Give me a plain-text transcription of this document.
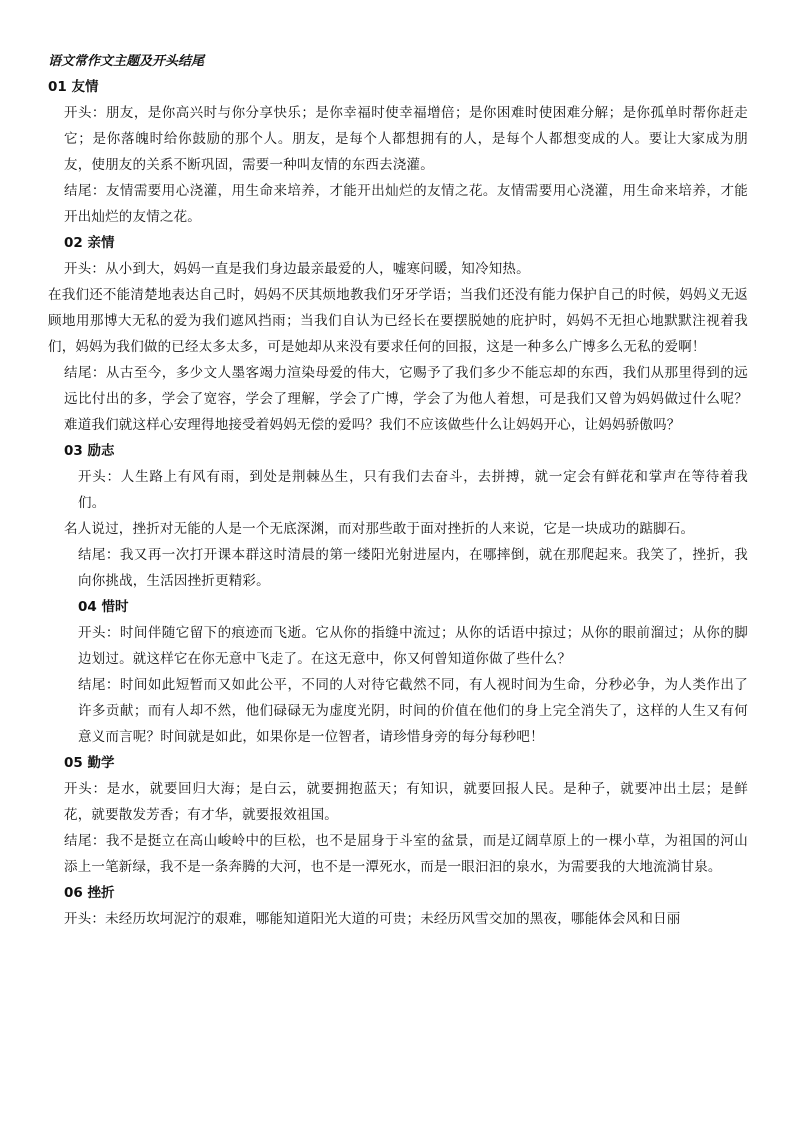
语文常作文主题及开头结尾
01 友情

开头：朋友，是你高兴时与你分享快乐；是你幸福时使幸福增倍；是你困难时使困难分解；是你孤单时帮你赶走它；是你落魄时给你鼓励的那个人。朋友，是每个人都想拥有的人，是每个人都想变成的人。要让大家成为朋友，使朋友的关系不断巩固，需要一种叫友情的东西去浇灌。

结尾：友情需要用心浇灌，用生命来培养，才能开出灿烂的友情之花。友情需要用心浇灌，用生命来培养，才能开出灿烂的友情之花。

02 亲情

开头：从小到大，妈妈一直是我们身边最亲最爱的人，嘘寒问暖，知冷知热。

在我们还不能清楚地表达自己时，妈妈不厌其烦地教我们牙牙学语；当我们还没有能力保护自己的时候，妈妈义无返顾地用那博大无私的爱为我们遮风挡雨；当我们自认为已经长在要摆脱她的庇护时，妈妈不无担心地默默注视着我们，妈妈为我们做的已经太多太多，可是她却从来没有要求任何的回报，这是一种多么广博多么无私的爱啊！

结尾：从古至今，多少文人墨客竭力渲染母爱的伟大，它赐予了我们多少不能忘却的东西，我们从那里得到的远远比付出的多，学会了宽容，学会了理解，学会了广博，学会了为他人着想，可是我们又曾为妈妈做过什么呢？难道我们就这样心安理得地接受着妈妈无偿的爱吗？我们不应该做些什么让妈妈开心，让妈妈骄傲吗？

03 励志

开头：人生路上有风有雨，到处是荆棘丛生，只有我们去奋斗，去拼搏，就一定会有鲜花和掌声在等待着我们。

名人说过，挫折对无能的人是一个无底深渊，而对那些敢于面对挫折的人来说，它是一块成功的踮脚石。

结尾：我又再一次打开课本群这时清晨的第一缕阳光射进屋内，在哪摔倒，就在那爬起来。我笑了，挫折，我向你挑战，生活因挫折更精彩。

04 惜时

开头：时间伴随它留下的痕迹而飞逝。它从你的指缝中流过；从你的话语中掠过；从你的眼前溜过；从你的脚边划过。就这样它在你无意中飞走了。在这无意中，你又何曾知道你做了些什么？

结尾：时间如此短暂而又如此公平，不同的人对待它截然不同，有人视时间为生命，分秒必争，为人类作出了许多贡献；而有人却不然，他们碌碌无为虚度光阴，时间的价值在他们的身上完全消失了，这样的人生又有何意义而言呢？时间就是如此，如果你是一位智者，请珍惜身旁的每分每秒吧！

05 勤学

开头：是水，就要回归大海；是白云，就要拥抱蓝天；有知识，就要回报人民。是种子，就要冲出土层；是鲜花，就要散发芳香；有才华，就要报效祖国。

结尾：我不是挺立在高山峻岭中的巨松，也不是屈身于斗室的盆景，而是辽阔草原上的一棵小草，为祖国的河山添上一笔新绿，我不是一条奔腾的大河，也不是一潭死水，而是一眼汩汩的泉水，为需要我的大地流淌甘泉。

06 挫折

开头：未经历坎坷泥泞的艰难，哪能知道阳光大道的可贵；未经历风雪交加的黑夜，哪能体会风和日丽
